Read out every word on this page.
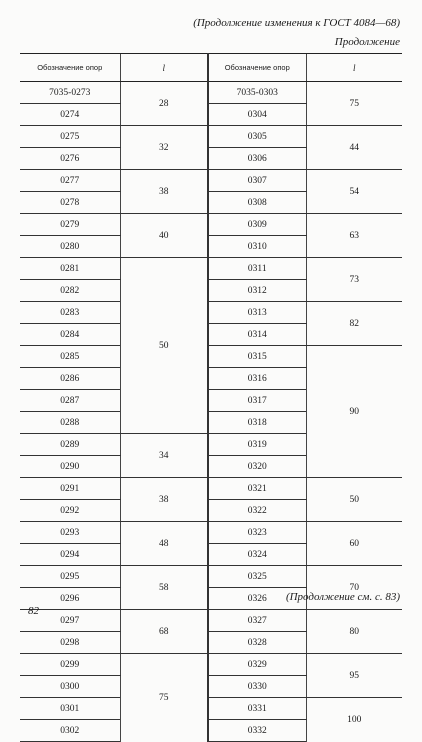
(Продолжение изменения к ГОСТ 4084—68)
Продолжение
Обозначение опор	l	Обозначение опор	l
7035-0273	28	7035-0303	75
0274		0304	
0275	32	0305	44
0276		0306	
0277	38	0307	54
0278		0308	
0279	40	0309	63
0280		0310	
0281	50	0311	73
0282		0312	
0283		0313	82
0284		0314	
0285		0315	90
0286		0316	
0287		0317	
0288		0318	
0289	34	0319	
0290		0320	
0291	38	0321	50
0292		0322	
0293	48	0323	60
0294		0324	
0295	58	0325	70
0296		0326	
0297	68	0327	80
0298		0328	
0299	75	0329	95
0300		0330	
0301		0331	100
0302		0332	
(Продолжение см. с. 83)
82
